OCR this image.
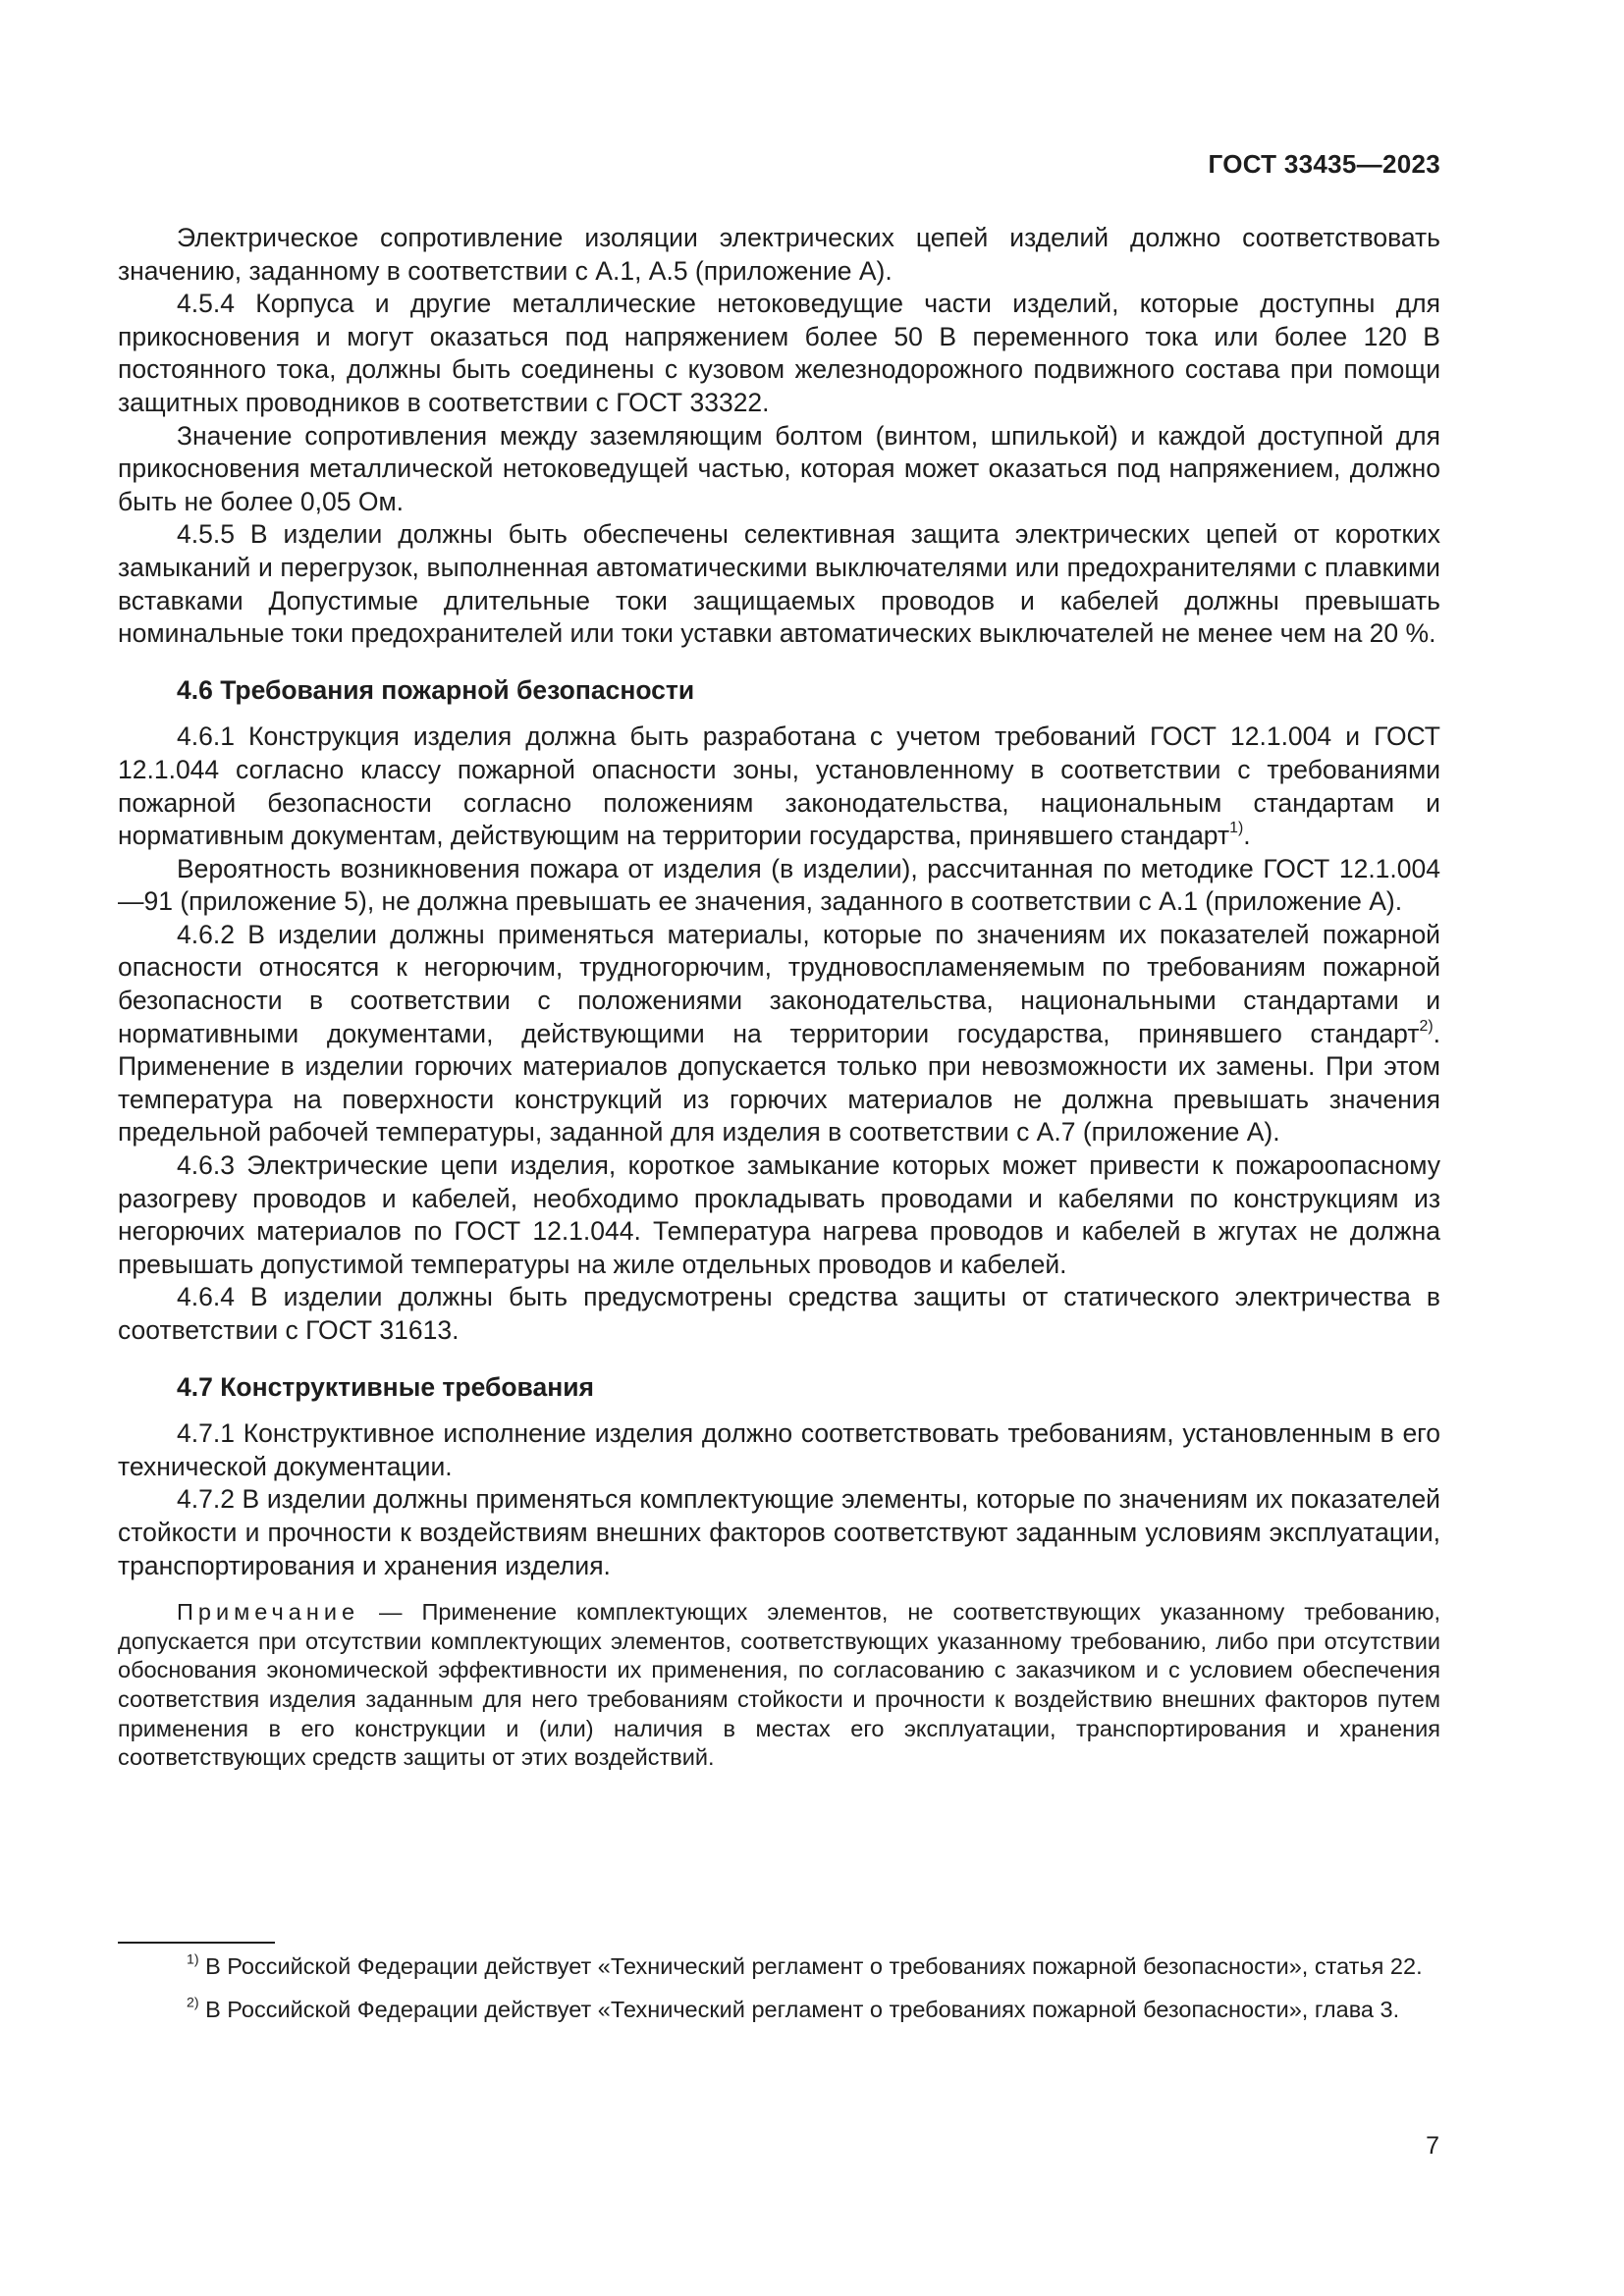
ГОСТ 33435—2023

Электрическое сопротивление изоляции электрических цепей изделий должно соответствовать значению, заданному в соответствии с А.1, А.5 (приложение А).

4.5.4 Корпуса и другие металлические нетоковедущие части изделий, которые доступны для прикосновения и могут оказаться под напряжением более 50 В переменного тока или более 120 В постоянного тока, должны быть соединены с кузовом железнодорожного подвижного состава при помощи защитных проводников в соответствии с ГОСТ 33322.

Значение сопротивления между заземляющим болтом (винтом, шпилькой) и каждой доступной для прикосновения металлической нетоковедущей частью, которая может оказаться под напряжением, должно быть не более 0,05 Ом.

4.5.5 В изделии должны быть обеспечены селективная защита электрических цепей от коротких замыканий и перегрузок, выполненная автоматическими выключателями или предохранителями с плавкими вставками Допустимые длительные токи защищаемых проводов и кабелей должны превышать номинальные токи предохранителей или токи уставки автоматических выключателей не менее чем на 20 %.

4.6 Требования пожарной безопасности

4.6.1 Конструкция изделия должна быть разработана с учетом требований ГОСТ 12.1.004 и ГОСТ 12.1.044 согласно классу пожарной опасности зоны, установленному в соответствии с требованиями пожарной безопасности согласно положениям законодательства, национальным стандартам и нормативным документам, действующим на территории государства, принявшего стандарт$^{1)}$.

Вероятность возникновения пожара от изделия (в изделии), рассчитанная по методике ГОСТ 12.1.004—91 (приложение 5), не должна превышать ее значения, заданного в соответствии с А.1 (приложение А).

4.6.2 В изделии должны применяться материалы, которые по значениям их показателей пожарной опасности относятся к негорючим, трудногорючим, трудновоспламеняемым по требованиям пожарной безопасности в соответствии с положениями законодательства, национальными стандартами и нормативными документами, действующими на территории государства, принявшего стандарт$^{2)}$. Применение в изделии горючих материалов допускается только при невозможности их замены. При этом температура на поверхности конструкций из горючих материалов не должна превышать значения предельной рабочей температуры, заданной для изделия в соответствии с А.7 (приложение А).

4.6.3 Электрические цепи изделия, короткое замыкание которых может привести к пожароопасному разогреву проводов и кабелей, необходимо прокладывать проводами и кабелями по конструкциям из негорючих материалов по ГОСТ 12.1.044. Температура нагрева проводов и кабелей в жгутах не должна превышать допустимой температуры на жиле отдельных проводов и кабелей.

4.6.4 В изделии должны быть предусмотрены средства защиты от статического электричества в соответствии с ГОСТ 31613.

4.7 Конструктивные требования

4.7.1 Конструктивное исполнение изделия должно соответствовать требованиям, установленным в его технической документации.

4.7.2 В изделии должны применяться комплектующие элементы, которые по значениям их показателей стойкости и прочности к воздействиям внешних факторов соответствуют заданным условиям эксплуатации, транспортирования и хранения изделия.

Примечание — Применение комплектующих элементов, не соответствующих указанному требованию, допускается при отсутствии комплектующих элементов, соответствующих указанному требованию, либо при отсутствии обоснования экономической эффективности их применения, по согласованию с заказчиком и с условием обеспечения соответствия изделия заданным для него требованиям стойкости и прочности к воздействию внешних факторов путем применения в его конструкции и (или) наличия в местах его эксплуатации, транспортирования и хранения соответствующих средств защиты от этих воздействий.

$^{1)}$ В Российской Федерации действует «Технический регламент о требованиях пожарной безопасности», статья 22.

$^{2)}$ В Российской Федерации действует «Технический регламент о требованиях пожарной безопасности», глава 3.

7
